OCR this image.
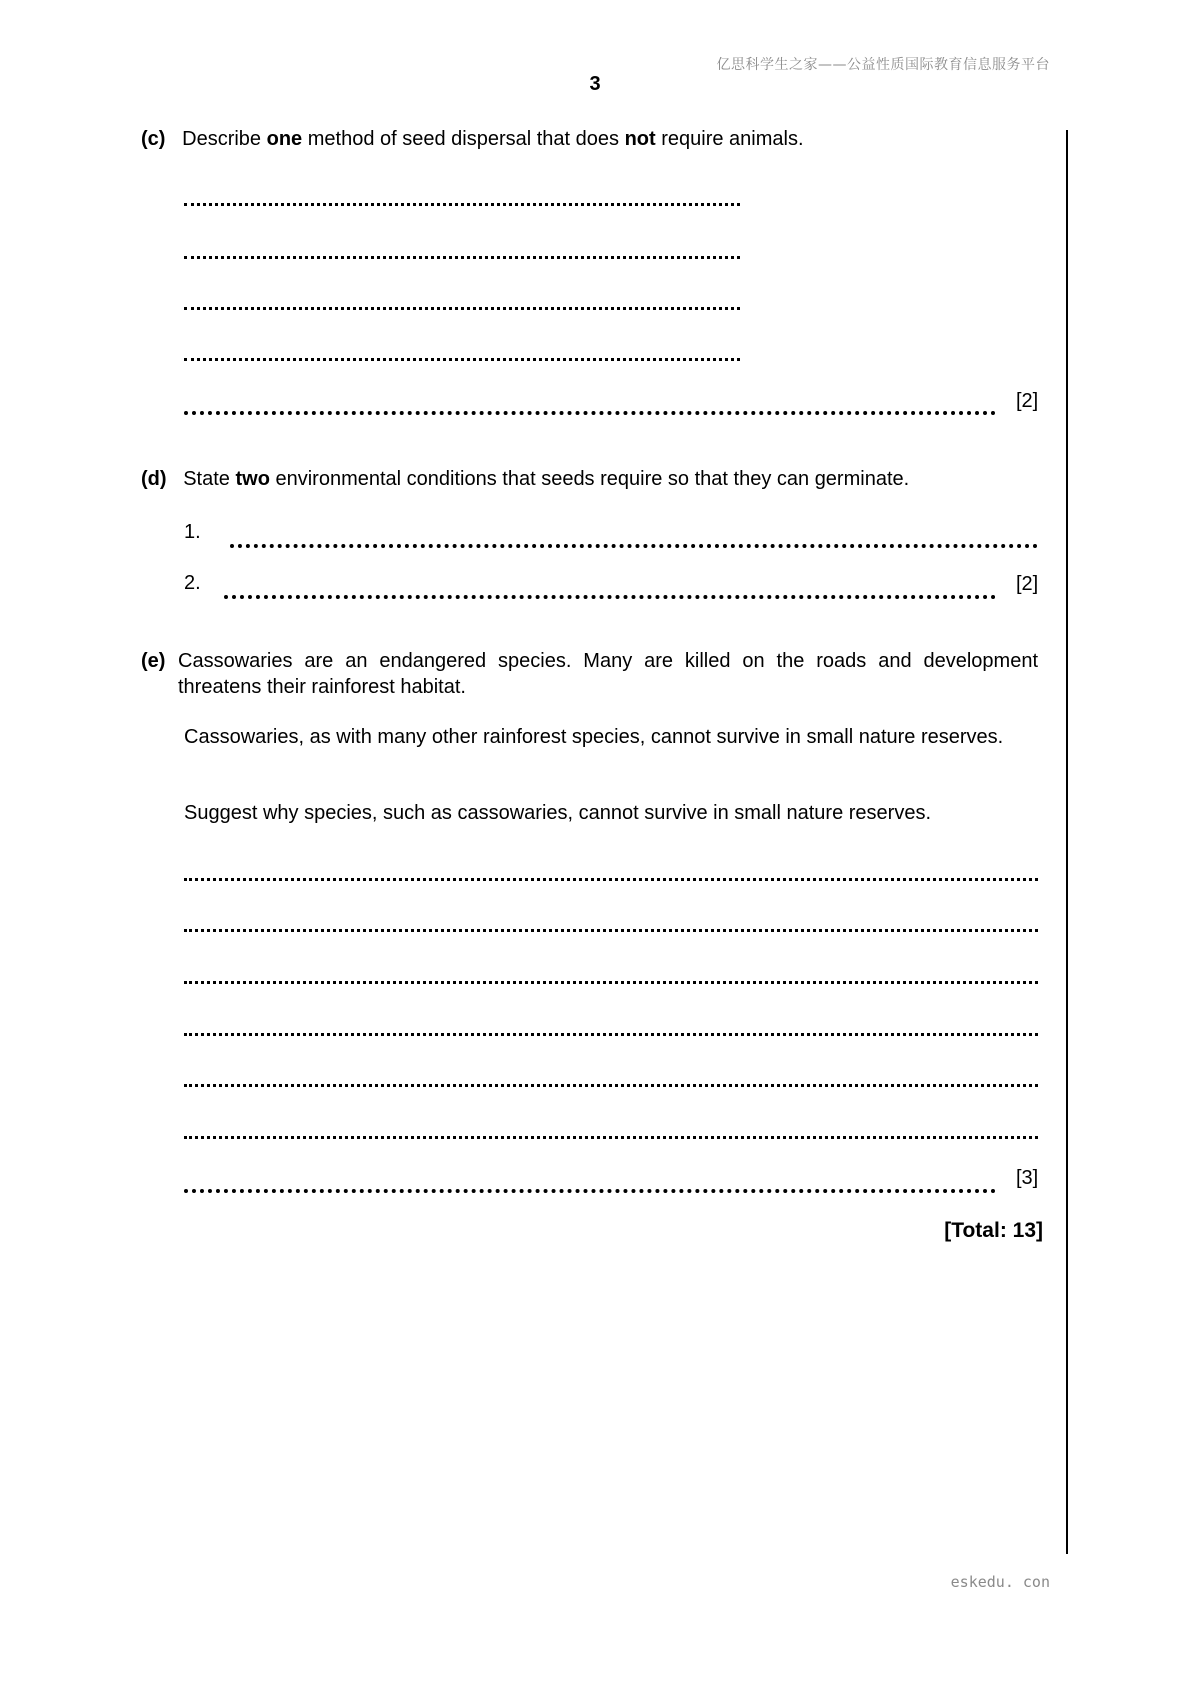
亿思科学生之家——公益性质国际教育信息服务平台
3
(c) Describe one method of seed dispersal that does not require animals.
[2]
(d) State two environmental conditions that seeds require so that they can germinate.
1.
2.	[2]
(e) Cassowaries are an endangered species. Many are killed on the roads and development threatens their rainforest habitat.
Cassowaries, as with many other rainforest species, cannot survive in small nature reserves.
Suggest why species, such as cassowaries, cannot survive in small nature reserves.
[3]
[Total: 13]
eskedu. con
